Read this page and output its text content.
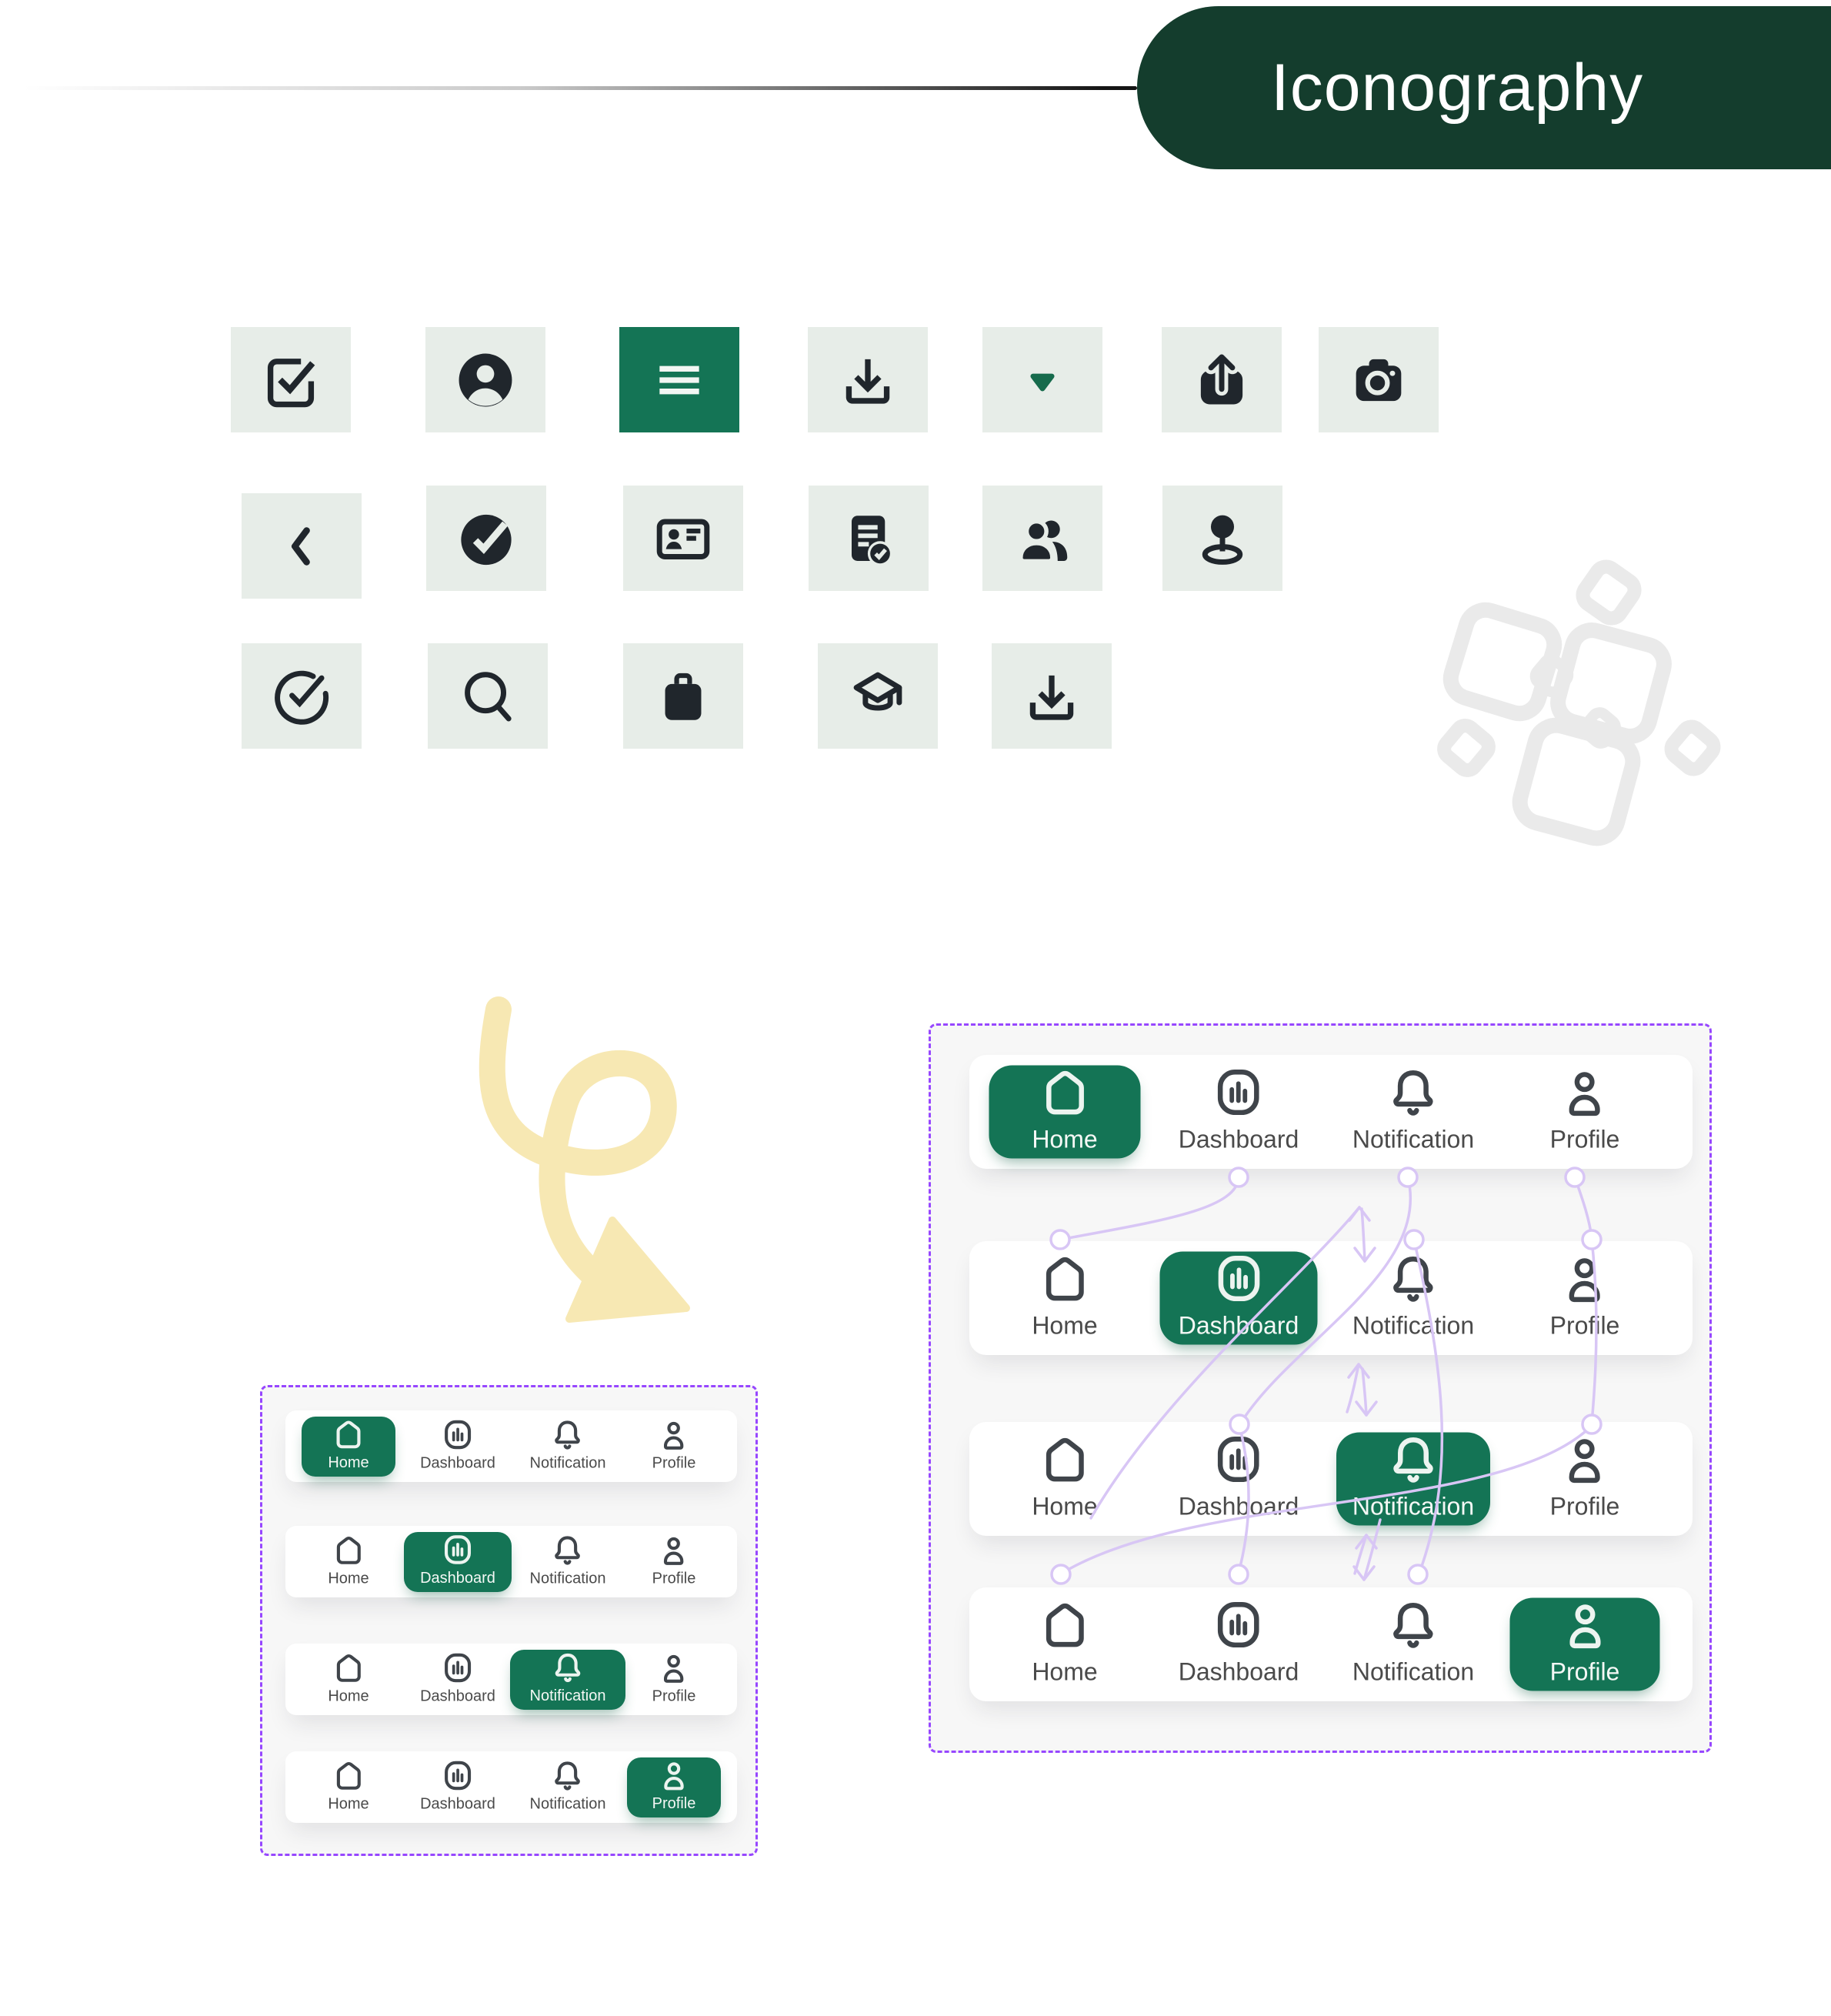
Iconography
Home	Dashboard Notification	Profile
Home	Dashboard Notification	Profile
Home	Dashboard Notification	Profile
Home	Dashboard Notification	Profile
Home	Dashboard Notification	Profile
Home	Dashboard Notification	Profile
Home	Dashboard Notification	Profile
Home	Dashboard Notification	Profile
